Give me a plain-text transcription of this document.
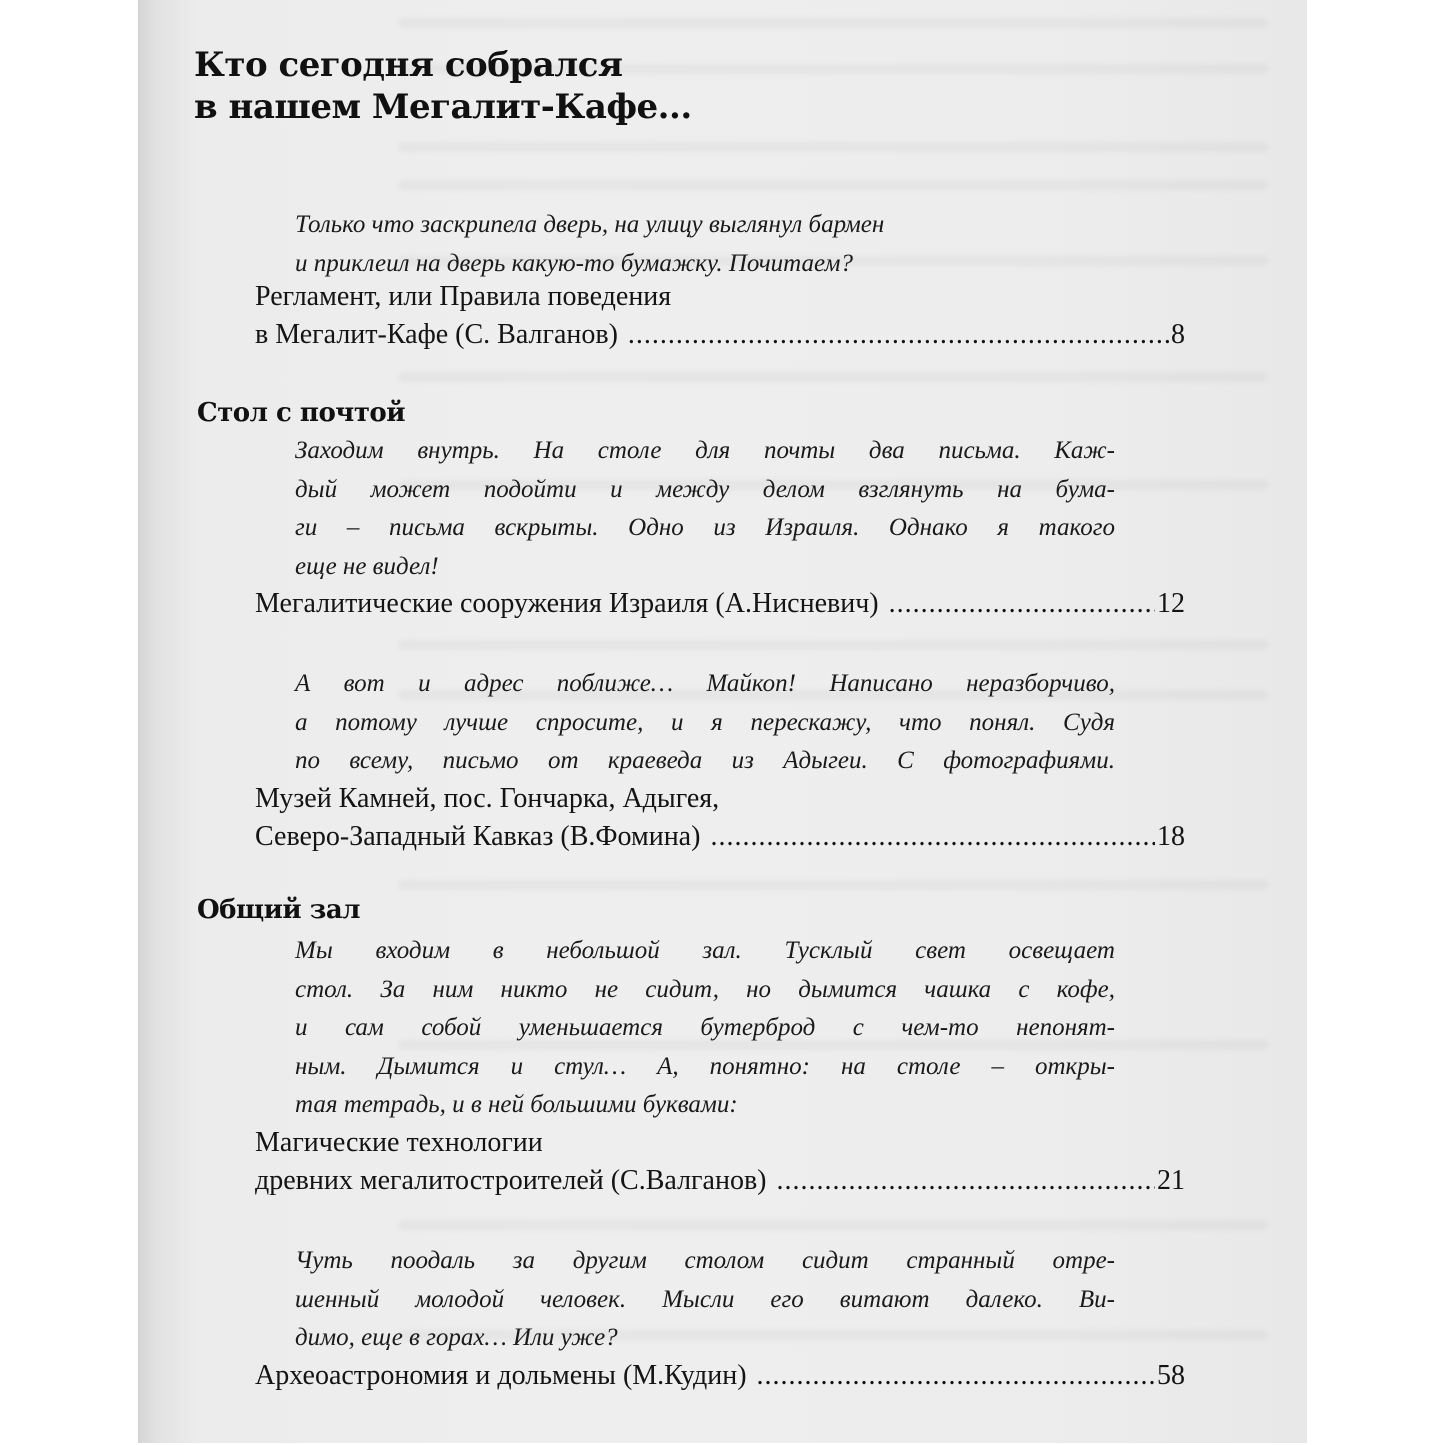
Кто сегодня собрался
в нашем Мегалит-Кафе...
Только что заскрипела дверь, на улицу выглянул бармен
и приклеил на дверь какую-то бумажку. Почитаем?
Регламент, или Правила поведения
в Мегалит-Кафе (С. Валганов) .....	8
Стол с почтой
Заходим внутрь. На столе для почты два письма. Каж-
дый может подойти и между делом взглянуть на бума-
ги – письма вскрыты. Одно из Израиля. Однако я такого
еще не видел!
Мегалитические сооружения Израиля (А.Нисневич) .....	12
А вот и адрес поближе… Майкоп! Написано неразборчиво,
а потому лучше спросите, и я перескажу, что понял. Судя
по всему, письмо от краеведа из Адыгеи. С фотографиями.
Музей Камней, пос. Гончарка, Адыгея,
Северо-Западный Кавказ (В.Фомина) .....	18
Общий зал
Мы входим в небольшой зал. Тусклый свет освещает
стол. За ним никто не сидит, но дымится чашка с кофе,
и сам собой уменьшается бутерброд с чем-то непонят-
ным. Дымится и стул… А, понятно: на столе – откры-
тая тетрадь, и в ней большими буквами:
Магические технологии
древних мегалитостроителей (С.Валганов) .....	21
Чуть поодаль за другим столом сидит странный отре-
шенный молодой человек. Мысли его витают далеко. Ви-
димо, еще в горах… Или уже?
Археоастрономия и дольмены (М.Кудин) .....	58
